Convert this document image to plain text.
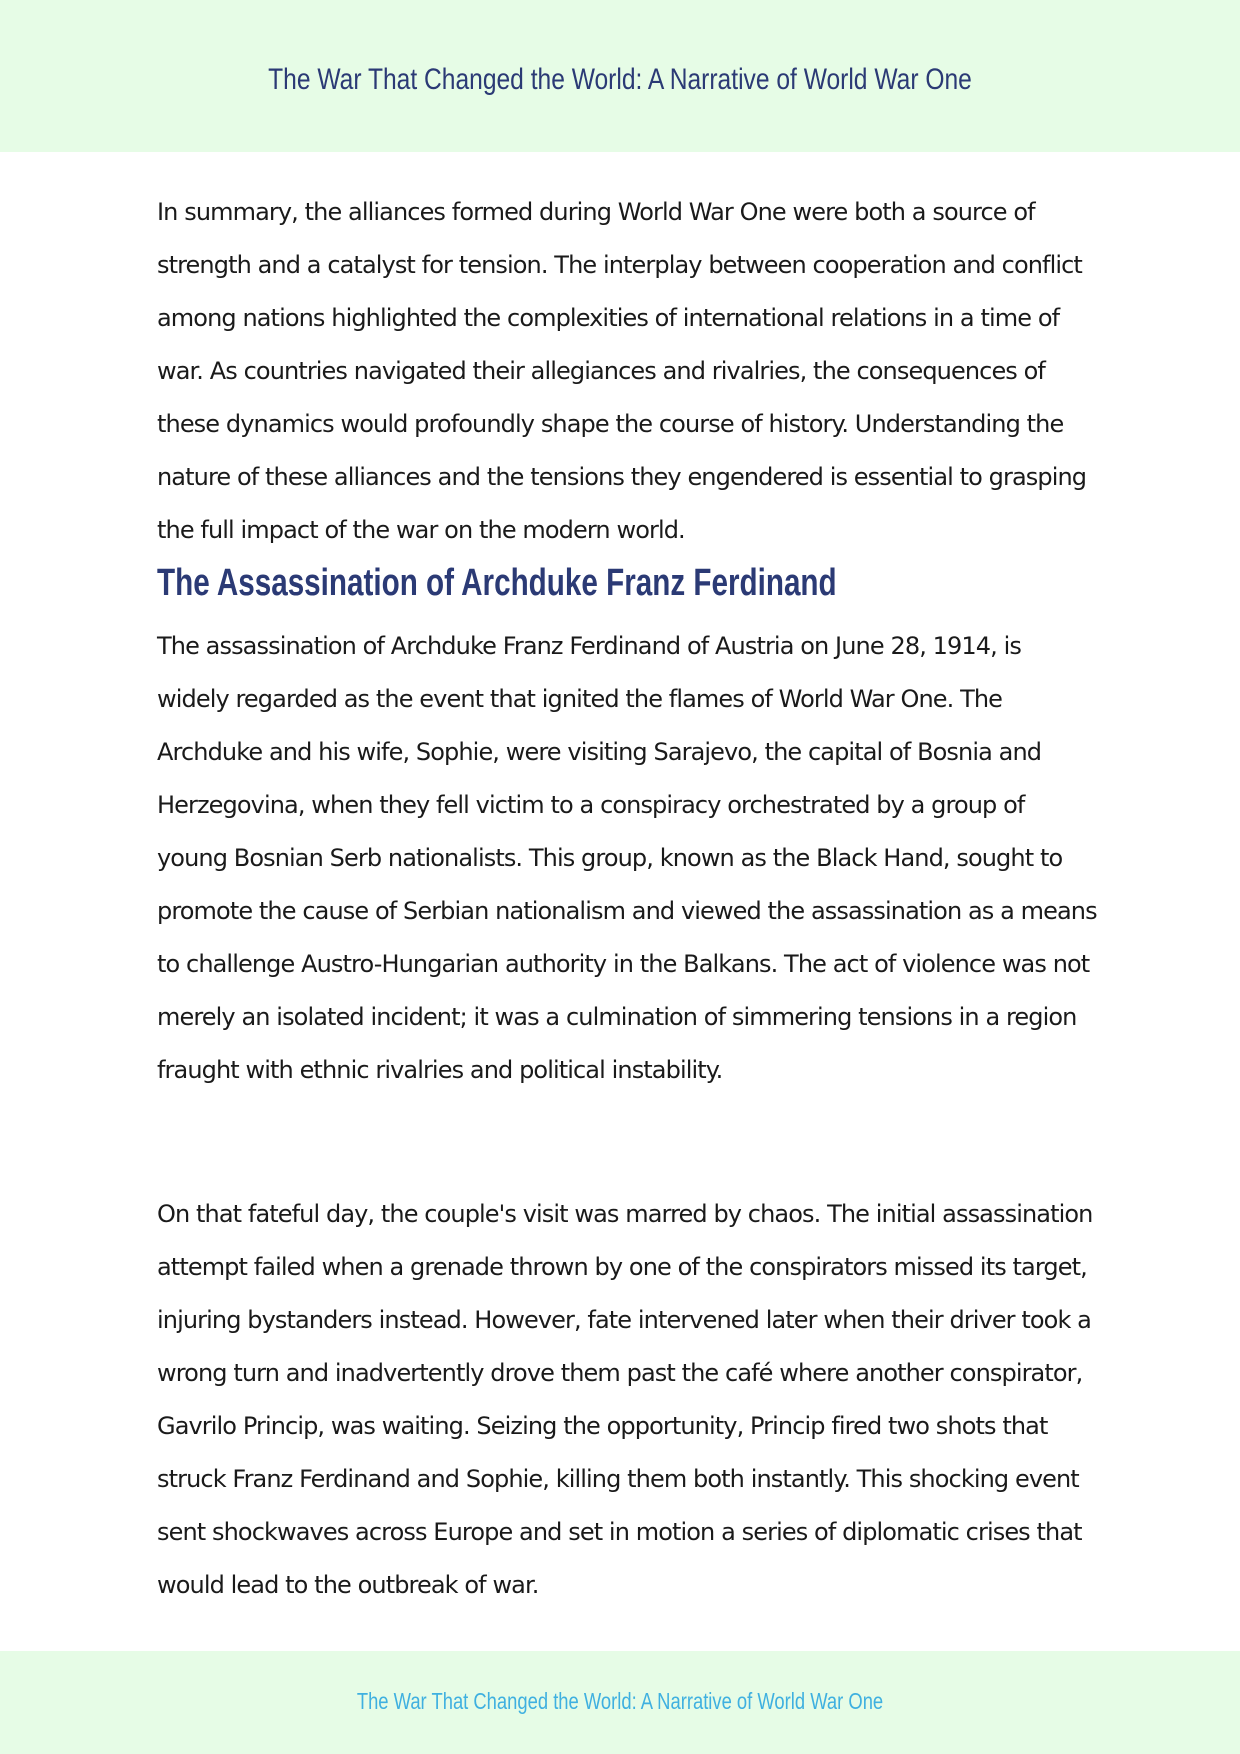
The War That Changed the World: A Narrative of World War One

In summary, the alliances formed during World War One were both a source of strength and a catalyst for tension. The interplay between cooperation and conflict among nations highlighted the complexities of international relations in a time of war. As countries navigated their allegiances and rivalries, the consequences of these dynamics would profoundly shape the course of history. Understanding the nature of these alliances and the tensions they engendered is essential to grasping the full impact of the war on the modern world.

The Assassination of Archduke Franz Ferdinand

The assassination of Archduke Franz Ferdinand of Austria on June 28, 1914, is widely regarded as the event that ignited the flames of World War One. The Archduke and his wife, Sophie, were visiting Sarajevo, the capital of Bosnia and Herzegovina, when they fell victim to a conspiracy orchestrated by a group of young Bosnian Serb nationalists. This group, known as the Black Hand, sought to promote the cause of Serbian nationalism and viewed the assassination as a means to challenge Austro-Hungarian authority in the Balkans. The act of violence was not merely an isolated incident; it was a culmination of simmering tensions in a region fraught with ethnic rivalries and political instability.

On that fateful day, the couple's visit was marred by chaos. The initial assassination attempt failed when a grenade thrown by one of the conspirators missed its target, injuring bystanders instead. However, fate intervened later when their driver took a wrong turn and inadvertently drove them past the café where another conspirator, Gavrilo Princip, was waiting. Seizing the opportunity, Princip fired two shots that struck Franz Ferdinand and Sophie, killing them both instantly. This shocking event sent shockwaves across Europe and set in motion a series of diplomatic crises that would lead to the outbreak of war.

The War That Changed the World: A Narrative of World War One
